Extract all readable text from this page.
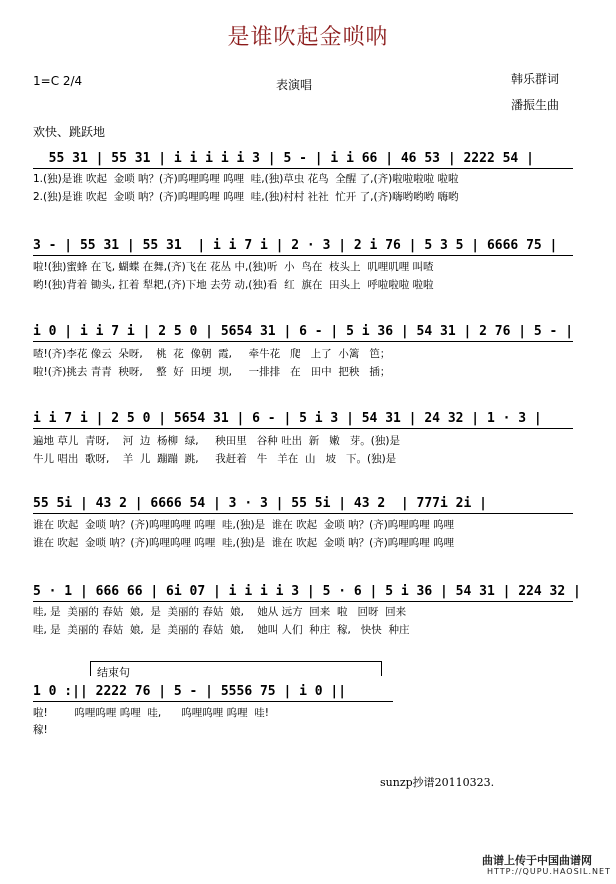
是谁吹起金唢呐
1=C 2/4	表演唱	韩乐群词
潘振生曲
欢快、跳跃地
55 31 | 55 31 | i i i i i 3 | 5 - | i i 66 | 46 53 | 2222 54 |
1.(独)是谁 吹起  金唢 呐？(齐)呜哩呜哩 呜哩  哇,(独)草虫 花鸟  全醒 了,(齐)啦啦啦啦 啦啦
2.(独)是谁 吹起  金唢 呐？(齐)呜哩呜哩 呜哩  哇,(独)村村 社社  忙开 了,(齐)嗨哟哟哟 嗨哟
3 - | 55 31 | 55 31  | i i 7 i | 2 · 3 | 2 i 76 | 5 3 5 | 6666 75 |
啦!(独)蜜蜂 在飞, 蝴蝶 在舞,(齐)飞在 花丛 中,(独)听  小  鸟在  枝头上  叽哩叽哩 叫喳
哟!(独)背着 锄头, 扛着 犁耙,(齐)下地 去劳 动,(独)看  红  旗在  田头上  呼啦啦啦 啦啦
i 0 | i i 7 i | 2 5 0 | 5654 31 | 6 - | 5 i 36 | 54 31 | 2 76 | 5 - |
喳!(齐)李花 像云  朵呀,    桃  花  像朝  霞,     牵牛花   爬   上了  小篱   笆；
啦!(齐)挑去 青青  秧呀,    整  好  田埂  坝,     一排排   在   田中  把秧   插；
i i 7 i | 2 5 0 | 5654 31 | 6 - | 5 i 3 | 54 31 | 24 32 | 1 · 3 |
遍地 草儿  青呀,    河  边  杨柳  绿,     秧田里   谷种 吐出  新   嫩   芽。(独)是
牛儿 唱出  歌呀,    羊  儿  蹦蹦  跳,     我赶着   牛   羊在  山   坡   下。(独)是
55 5i | 43 2 | 6666 54 | 3 · 3 | 55 5i | 43 2  | 777i 2i |
谁在 吹起  金唢 呐？(齐)呜哩呜哩 呜哩  哇,(独)是  谁在 吹起  金唢 呐？(齐)呜哩呜哩 呜哩
谁在 吹起  金唢 呐？(齐)呜哩呜哩 呜哩  哇,(独)是  谁在 吹起  金唢 呐？(齐)呜哩呜哩 呜哩
5 · 1 | 666 66 | 6i 07 | i i i i 3 | 5 · 6 | 5 i 36 | 54 31 | 224 32 |
哇, 是  美丽的 春姑  娘,  是  美丽的 春姑  娘,    她从 远方  回来  啦   回呀  回来
哇, 是  美丽的 春姑  娘,  是  美丽的 春姑  娘,    她叫 人们  种庄  稼,   快快  种庄
结束句
1 0 :|| 2222 76 | 5 - | 5556 75 | i 0 ||
啦!        呜哩呜哩 呜哩  哇,      呜哩呜哩 呜哩  哇!
稼!
sunzp抄谱20110323.
曲谱上传于中国曲谱网
HTTP://QUPU.HAOSIL.NET
